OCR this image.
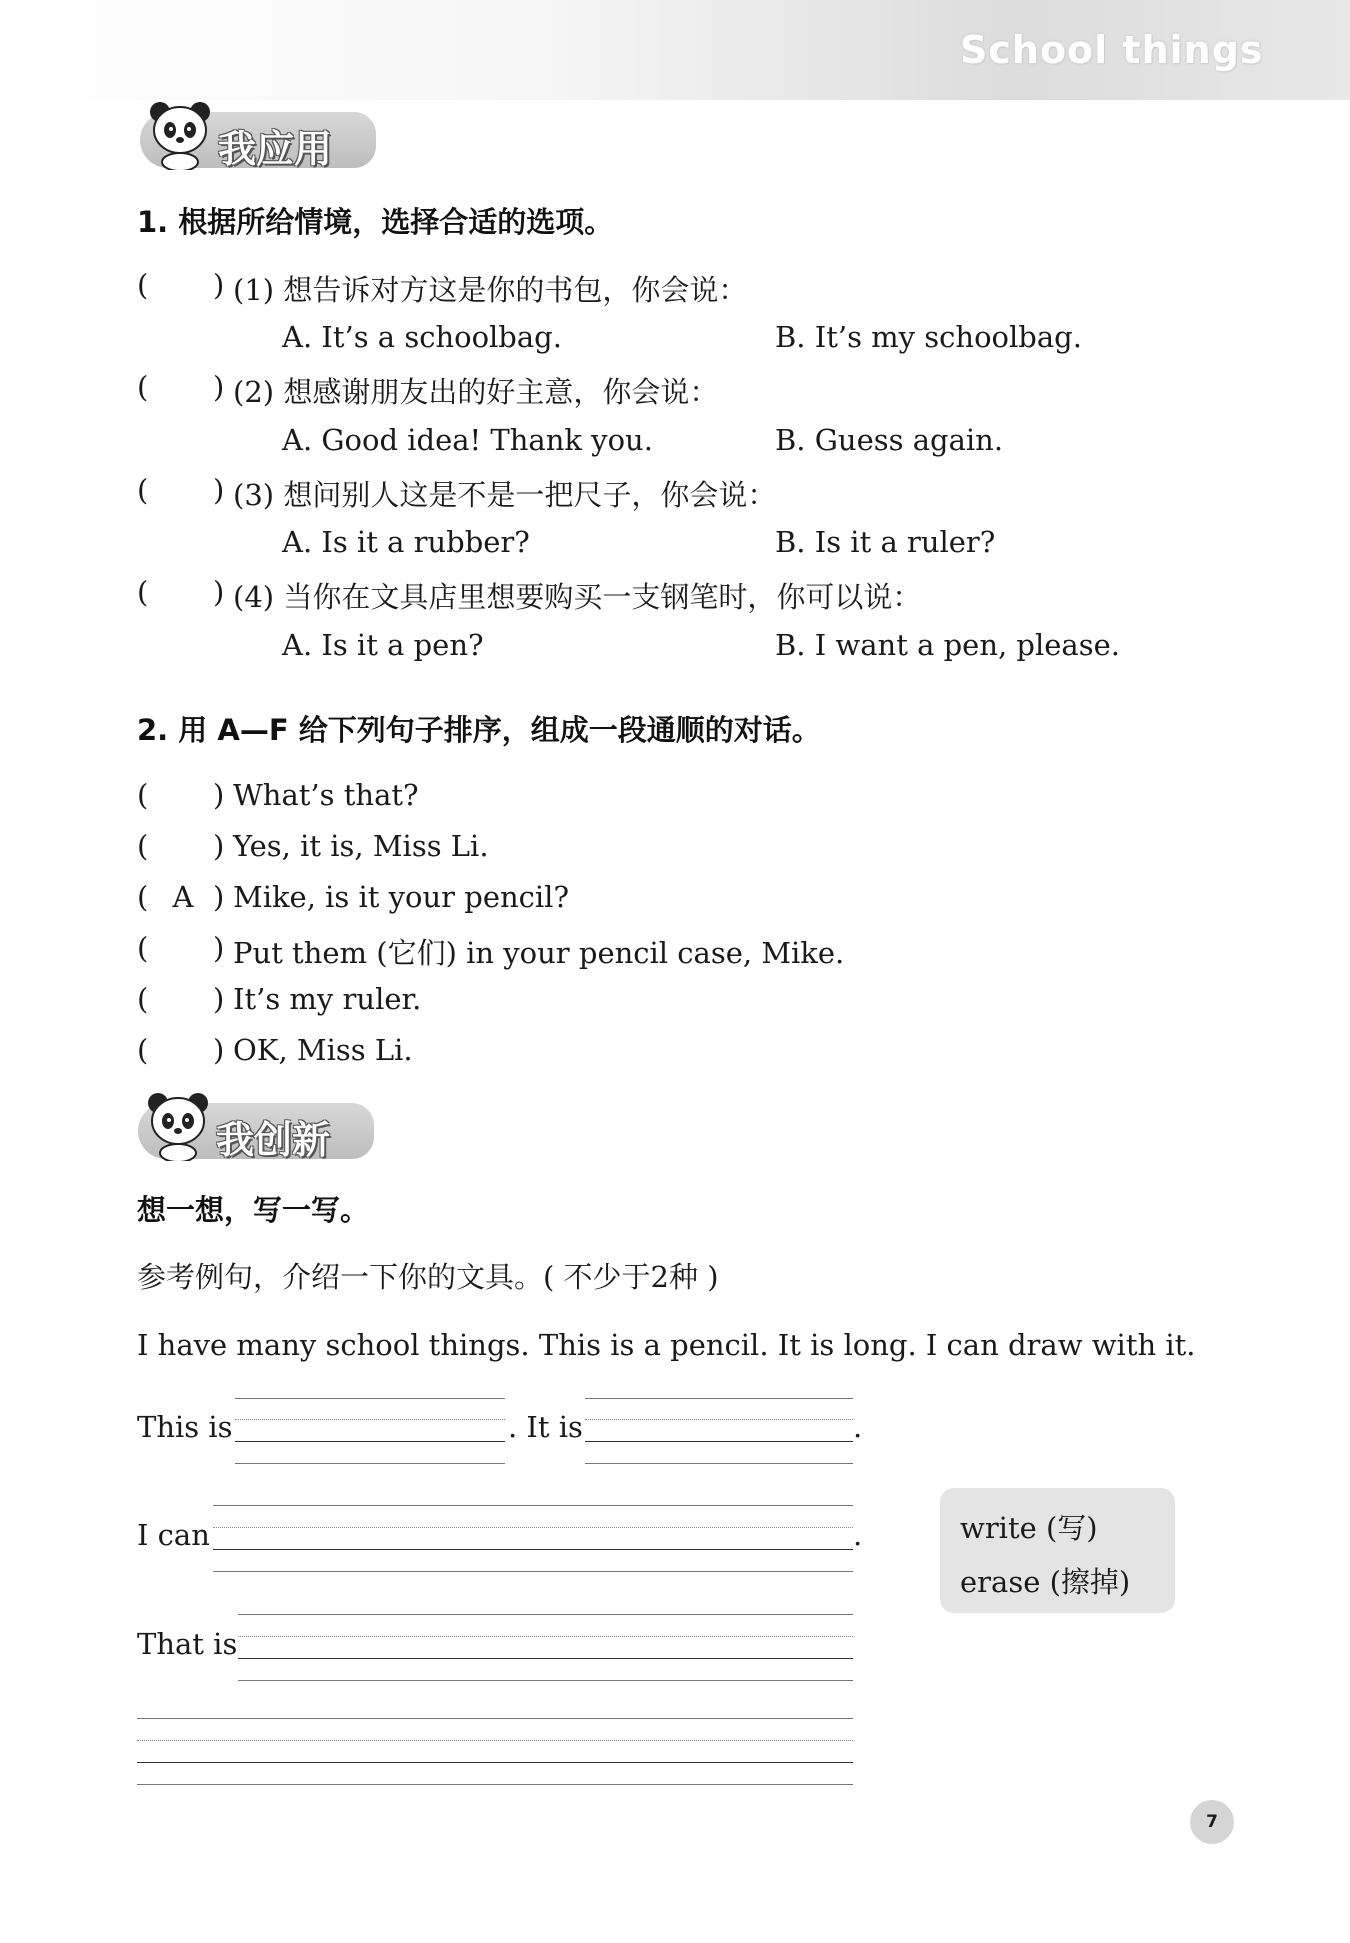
School things
我应用
1. 根据所给情境，选择合适的选项。
( ) (1) 想告诉对方这是你的书包，你会说：
A. It’s a schoolbag.	B. It’s my schoolbag.
( ) (2) 想感谢朋友出的好主意，你会说：
A. Good idea! Thank you.	B. Guess again.
( ) (3) 想问别人这是不是一把尺子，你会说：
A. Is it a rubber?	B. Is it a ruler?
( ) (4) 当你在文具店里想要购买一支钢笔时，你可以说：
A. Is it a pen?	B. I want a pen, please.
2. 用 A—F 给下列句子排序，组成一段通顺的对话。
( ) What’s that?
( ) Yes, it is, Miss Li.
( A ) Mike, is it your pencil?
( ) Put them (它们) in your pencil case, Mike.
( ) It’s my ruler.
( ) OK, Miss Li.
我创新
想一想，写一写。
参考例句，介绍一下你的文具。( 不少于2种 )
I have many school things. This is a pencil. It is long. I can draw with it.
This is	. It is	.
I can	.	write (写)
erase (擦掉)
That is
7
